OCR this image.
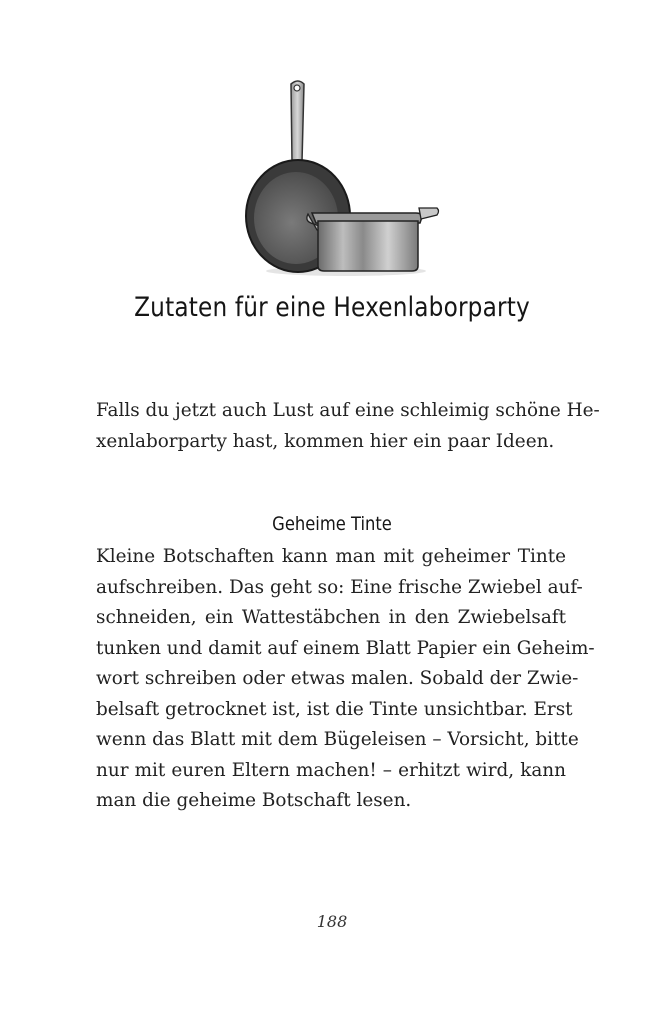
Zutaten für eine Hexenlaborparty
Falls du jetzt auch Lust auf eine schleimig schöne He-
xenlaborparty hast, kommen hier ein paar Ideen.
Geheime Tinte
Kleine Botschaften kann man mit geheimer Tinte
aufschreiben. Das geht so: Eine frische Zwiebel auf-
schneiden, ein Wattestäbchen in den Zwiebelsaft
tunken und damit auf einem Blatt Papier ein Geheim-
wort schreiben oder etwas malen. Sobald der Zwie-
belsaft getrocknet ist, ist die Tinte unsichtbar. Erst
wenn das Blatt mit dem Bügeleisen – Vorsicht, bitte
nur mit euren Eltern machen! – erhitzt wird, kann
man die geheime Botschaft lesen.
188
